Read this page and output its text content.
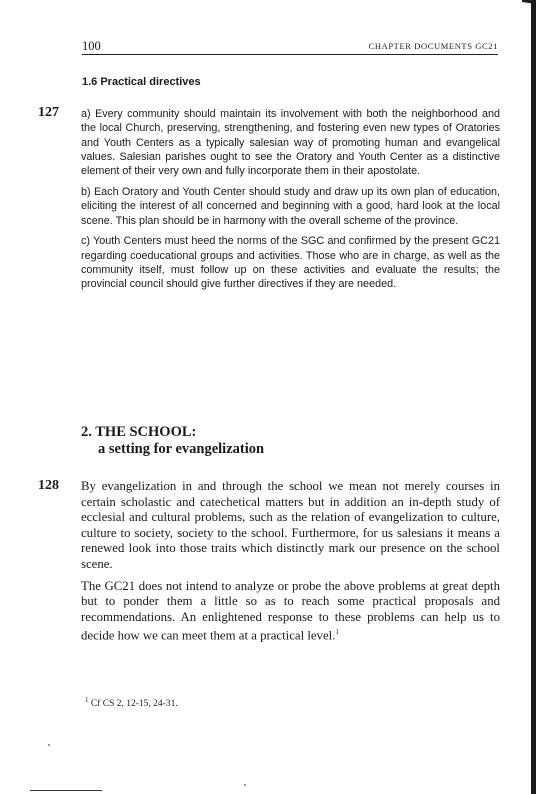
100	CHAPTER DOCUMENTS GC21
1.6 Practical directives
127 a) Every community should maintain its involvement with both the neighborhood and the local Church, preserving, strengthening, and fostering even new types of Oratories and Youth Centers as a typically salesian way of promoting human and evangelical values. Salesian parishes ought to see the Oratory and Youth Center as a distinctive element of their very own and fully incorporate them in their apostolate.

b) Each Oratory and Youth Center should study and draw up its own plan of education, eliciting the interest of all concerned and beginning with a good, hard look at the local scene. This plan should be in harmony with the overall scheme of the province.

c) Youth Centers must heed the norms of the SGC and confirmed by the present GC21 regarding coeducational groups and activities. Those who are in charge, as well as the community itself, must follow up on these activities and evaluate the results; the provincial council should give further directives if they are needed.

2. THE SCHOOL:
a setting for evangelization
128 By evangelization in and through the school we mean not merely courses in certain scholastic and catechetical matters but in addition an in-depth study of ecclesial and cultural problems, such as the relation of evangelization to culture, culture to society, society to the school. Furthermore, for us salesians it means a renewed look into those traits which distinctly mark our presence on the school scene.

The GC21 does not intend to analyze or probe the above problems at great depth but to ponder them a little so as to reach some practical proposals and recommendations. An enlightened response to these problems can help us to decide how we can meet them at a practical level.$^1$

$^1$ Cf CS 2, 12-15, 24-31.
